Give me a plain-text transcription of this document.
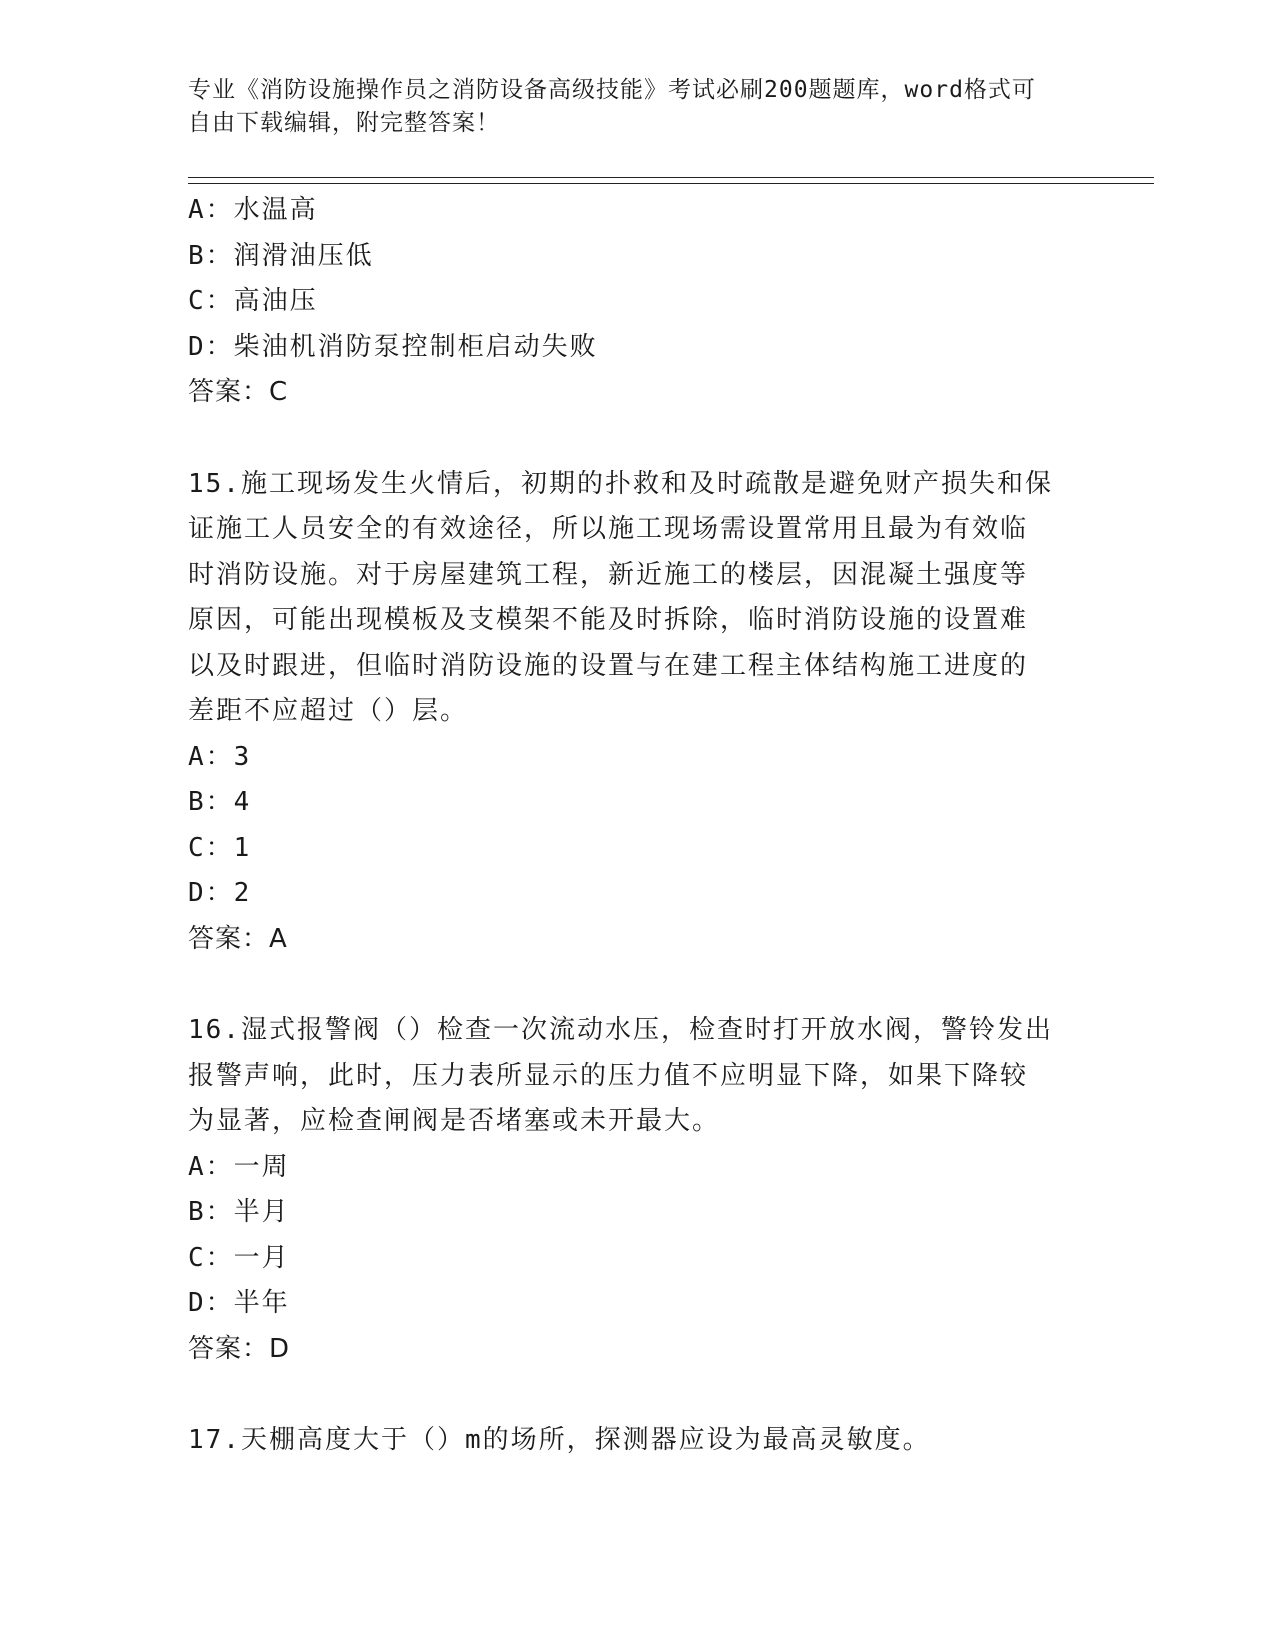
专业《消防设施操作员之消防设备高级技能》考试必刷200题题库，word格式可
自由下载编辑，附完整答案！
A：水温高
B：润滑油压低
C：高油压
D：柴油机消防泵控制柜启动失败
答案：C
15.施工现场发生火情后，初期的扑救和及时疏散是避免财产损失和保
证施工人员安全的有效途径，所以施工现场需设置常用且最为有效临
时消防设施。对于房屋建筑工程，新近施工的楼层，因混凝土强度等
原因，可能出现模板及支模架不能及时拆除，临时消防设施的设置难
以及时跟进，但临时消防设施的设置与在建工程主体结构施工进度的
差距不应超过（）层。
A：3
B：4
C：1
D：2
答案：A
16.湿式报警阀（）检查一次流动水压，检查时打开放水阀，警铃发出
报警声响，此时，压力表所显示的压力值不应明显下降，如果下降较
为显著，应检查闸阀是否堵塞或未开最大。
A：一周
B：半月
C：一月
D：半年
答案：D
17.天棚高度大于（）m的场所，探测器应设为最高灵敏度。
